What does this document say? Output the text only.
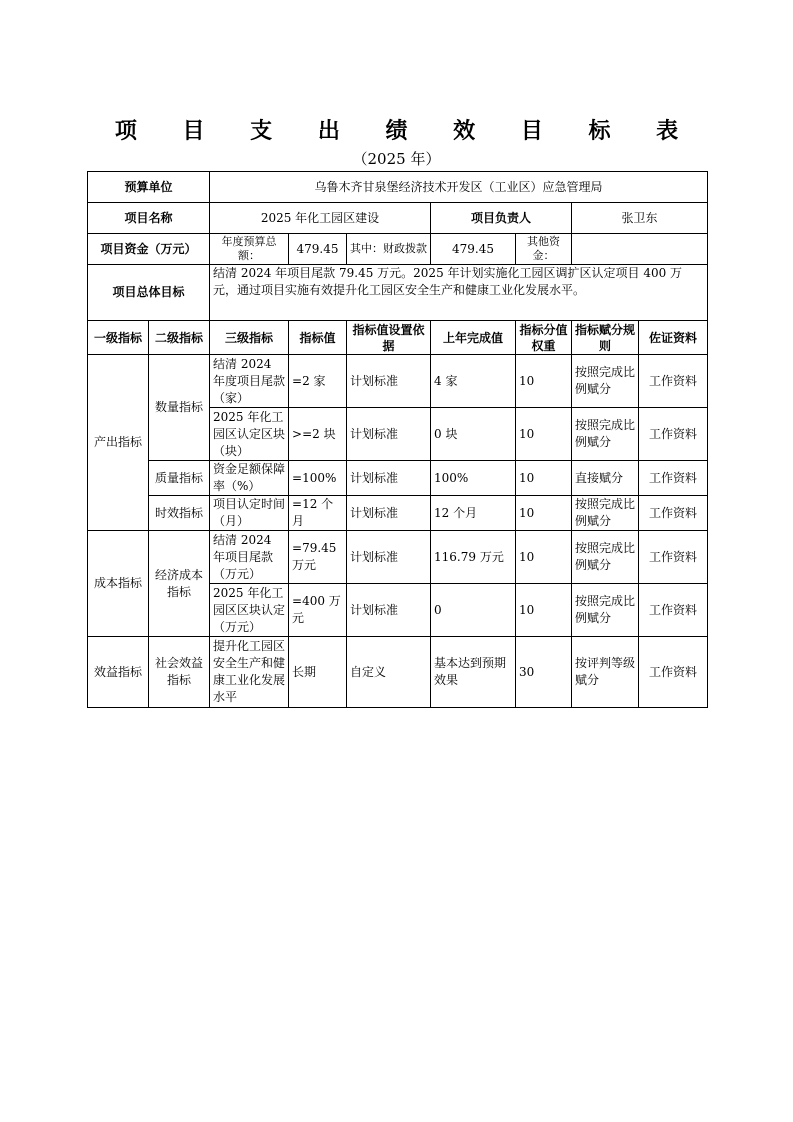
项 目 支 出 绩 效 目 标 表
（2025 年）
预算单位		乌鲁木齐甘泉堡经济技术开发区（工业区）应急管理局						
项目名称		2025 年化工园区建设			项目负责人		张卫东	
项目资金（万元）		年度预算总额：	479.45	其中：财政拨款	479.45	其他资金：		
项目总体目标		结清 2024 年项目尾款 79.45 万元。2025 年计划实施化工园区调扩区认定项目 400 万元，通过项目实施有效提升化工园区安全生产和健康工业化发展水平。						
一级指标	二级指标	三级指标	指标值	指标值设置依据	上年完成值	指标分值权重	指标赋分规则	佐证资料
产出指标	数量指标	结清 2024 年度项目尾款（家）	=2 家	计划标准	4 家	10	按照完成比例赋分	工作资料
		2025 年化工园区认定区块（块）	>=2 块	计划标准	0 块	10	按照完成比例赋分	工作资料
	质量指标	资金足额保障率（%）	=100%	计划标准	100%	10	直接赋分	工作资料
	时效指标	项目认定时间（月）	=12 个月	计划标准	12 个月	10	按照完成比例赋分	工作资料
成本指标	经济成本指标	结清 2024 年项目尾款（万元）	=79.45 万元	计划标准	116.79 万元	10	按照完成比例赋分	工作资料
		2025 年化工园区区块认定（万元）	=400 万元	计划标准	0	10	按照完成比例赋分	工作资料
效益指标	社会效益指标	提升化工园区安全生产和健康工业化发展水平	长期	自定义	基本达到预期效果	30	按评判等级赋分	工作资料
